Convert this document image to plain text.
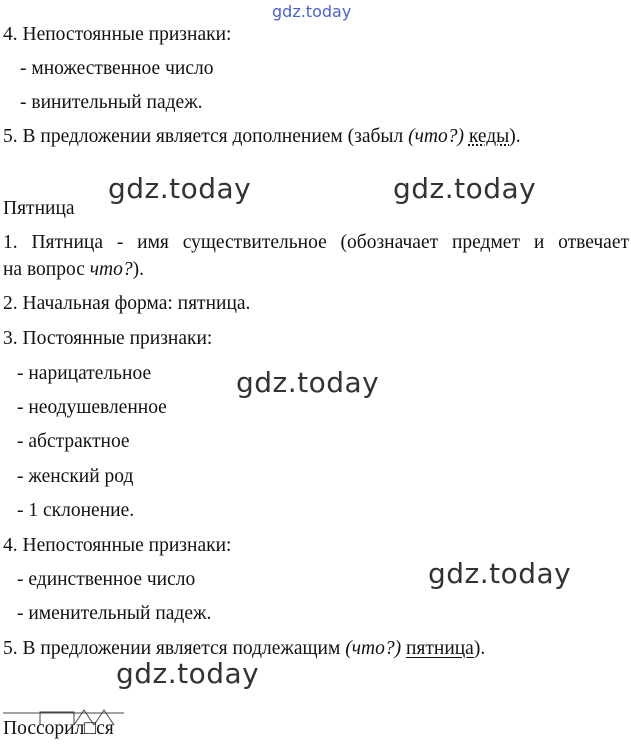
gdz.today
4. Непостоянные признаки:
- множественное число
- винительный падеж.
5. В предложении является дополнением (забыл (что?) кеды).
gdz.today	gdz.today
Пятница
1. Пятница - имя существительное (обозначает предмет и отвечает
на вопрос что?).
2. Начальная форма: пятница.
3. Постоянные признаки:
gdz.today
- нарицательное
- неодушевленное
- абстрактное
- женский род
- 1 склонение.
4. Непостоянные признаки:
gdz.today
- единственное число
- именительный падеж.
5. В предложении является подлежащим (что?) пятница).
gdz.today
Поссорил□ся
